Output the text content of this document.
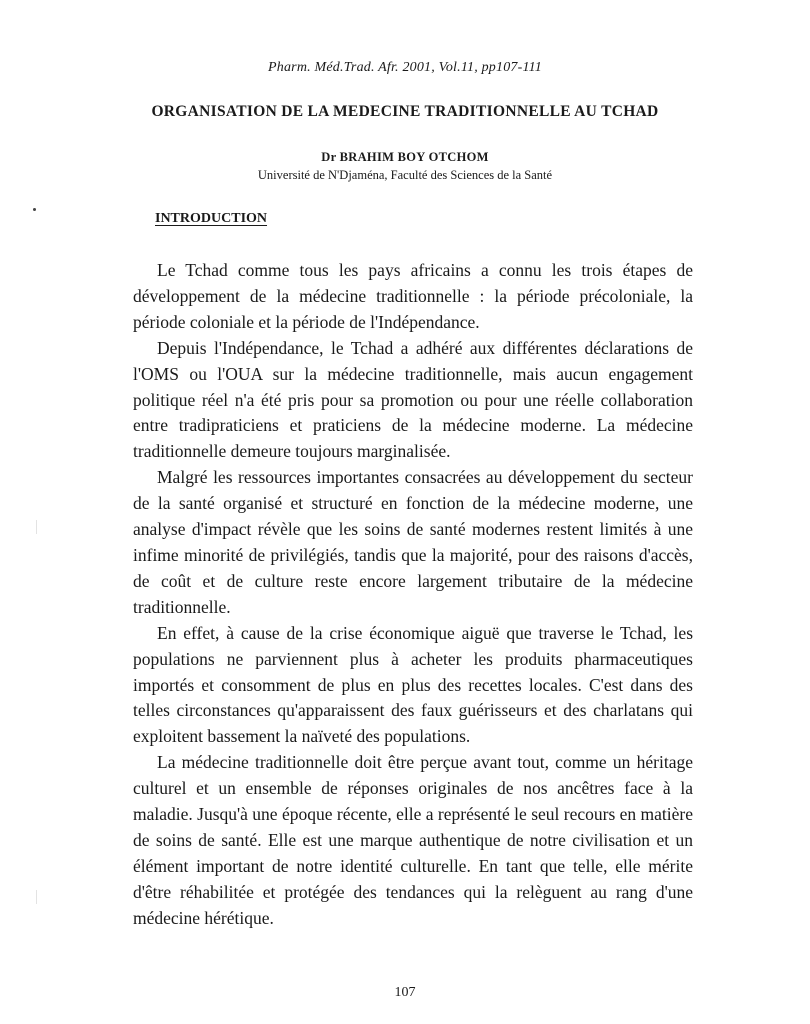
Pharm. Méd.Trad. Afr. 2001, Vol.11, pp107-111
ORGANISATION DE LA MEDECINE TRADITIONNELLE AU TCHAD
Dr BRAHIM BOY OTCHOM
Université de N'Djaména, Faculté des Sciences de la Santé
INTRODUCTION

Le Tchad comme tous les pays africains a connu les trois étapes de développement de la médecine traditionnelle : la période précoloniale, la période coloniale et la période de l'Indépendance.

Depuis l'Indépendance, le Tchad a adhéré aux différentes déclarations de l'OMS ou l'OUA sur la médecine traditionnelle, mais aucun engagement politique réel n'a été pris pour sa promotion ou pour une réelle collaboration entre tradipraticiens et praticiens de la médecine moderne. La médecine traditionnelle demeure toujours marginalisée.

Malgré les ressources importantes consacrées au développement du secteur de la santé organisé et structuré en fonction de la médecine moderne, une analyse d'impact révèle que les soins de santé modernes restent limités à une infime minorité de privilégiés, tandis que la majorité, pour des raisons d'accès, de coût et de culture reste encore largement tributaire de la médecine traditionnelle.

En effet, à cause de la crise économique aiguë que traverse le Tchad, les populations ne parviennent plus à acheter les produits pharmaceutiques importés et consomment de plus en plus des recettes locales. C'est dans des telles circonstances qu'apparaissent des faux guérisseurs et des charlatans qui exploitent bassement la naïveté des populations.

La médecine traditionnelle doit être perçue avant tout, comme un héritage culturel et un ensemble de réponses originales de nos ancêtres face à la maladie. Jusqu'à une époque récente, elle a représenté le seul recours en matière de soins de santé. Elle est une marque authentique de notre civilisation et un élément important de notre identité culturelle. En tant que telle, elle mérite d'être réhabilitée et protégée des tendances qui la relèguent au rang d'une médecine hérétique.

107
